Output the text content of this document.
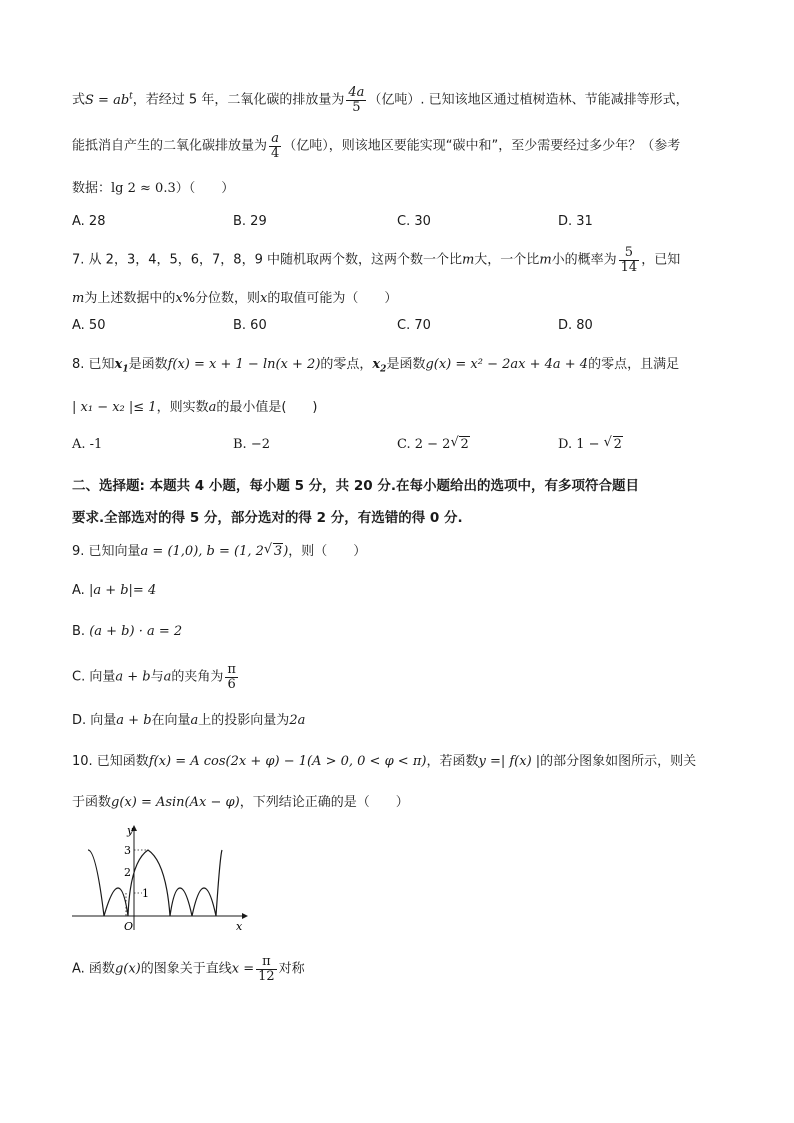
式$S = ab^t$，若经过 5 年，二氧化碳的排放量为 $\frac{4a}{5}$ （亿吨）. 已知该地区通过植树造林、节能减排等形式，
能抵消自产生的二氧化碳排放量为 $\frac{a}{4}$ （亿吨），则该地区要能实现“碳中和”，至少需要经过多少年？（参考
数据：lg 2 ≈ 0.3）（　　）
A. 28	B. 29	C. 30	D. 31
7. 从 2，3，4，5，6，7，8，9 中随机取两个数，这两个数一个比m大，一个比m小的概率为 $\frac{5}{14}$ ，已知
m为上述数据中的x%分位数，则x的取值可能为（　　）
A. 50	B. 60	C. 70	D. 80
8. 已知$x_1$是函数f(x) = x + 1 − ln(x + 2)的零点，$x_2$是函数g(x) = x² − 2ax + 4a + 4的零点，且满足
| x₁ − x₂ |≤ 1，则实数a的最小值是(　　)
A. -1	B. −2	C. 2 − 2 √ 2	D. 1 − √ 2
二、选择题: 本题共 4 小题，每小题 5 分，共 20 分.在每小题给出的选项中，有多项符合题目
要求.全部选对的得 5 分，部分选对的得 2 分，有选错的得 0 分.
9. 已知向量a = (1,0), b = (1, 2 √ 3)，则（　　）
A. |a + b|= 4
B. (a + b) · a = 2
C. 向量a + b与a的夹角为 $\frac{\pi}{6}$
D. 向量a + b在向量a上的投影向量为2a
10. 已知函数f(x) = A cos(2x + φ) − 1(A > 0, 0 < φ < π)，若函数y =| f(x) |的部分图象如图所示，则关
于函数g(x) = Asin(Ax − φ)，下列结论正确的是（　　）
y
x
O
3
2
1
A. 函数g(x)的图象关于直线$x = \frac{\pi}{12}$ 对称
